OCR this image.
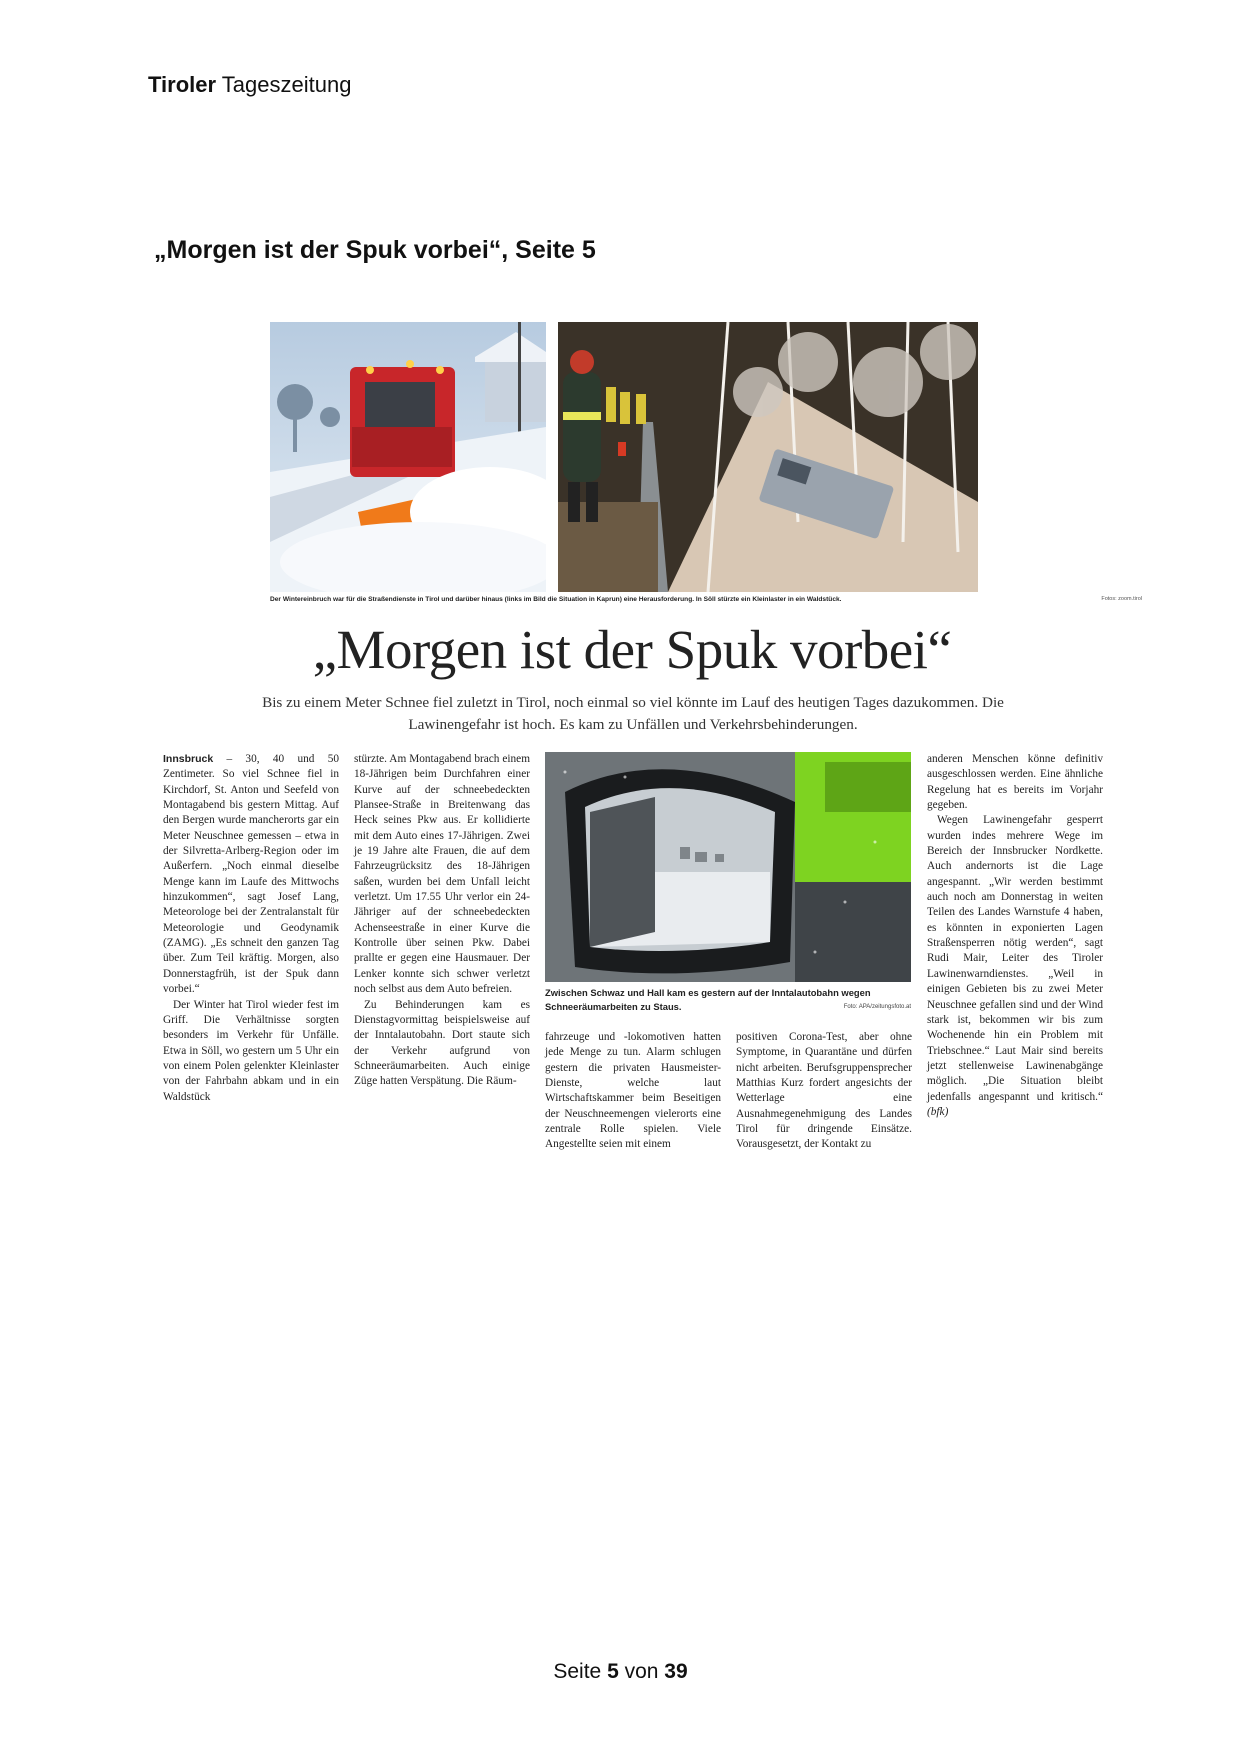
Tiroler Tageszeitung
„Morgen ist der Spuk vorbei“, Seite 5
Der Wintereinbruch war für die Straßendienste in Tirol und darüber hinaus (links im Bild die Situation in Kaprun) eine Herausforderung. In Söll stürzte ein Kleinlaster in ein Waldstück.	Fotos: zoom.tirol
„Morgen ist der Spuk vorbei“
Bis zu einem Meter Schnee fiel zuletzt in Tirol, noch einmal so viel könnte im Lauf des heutigen Tages dazukommen. Die Lawinengefahr ist hoch. Es kam zu Unfällen und Verkehrsbehinderungen.

Innsbruck – 30, 40 und 50 Zentimeter. So viel Schnee fiel in Kirchdorf, St. Anton und Seefeld von Montagabend bis gestern Mittag. Auf den Bergen wurde mancherorts gar ein Meter Neuschnee gemessen – etwa in der Silvretta-Arlberg-Region oder im Außerfern. „Noch einmal dieselbe Menge kann im Laufe des Mittwochs hinzukommen“, sagt Josef Lang, Meteorologe bei der Zentralanstalt für Meteorologie und Geodynamik (ZAMG). „Es schneit den ganzen Tag über. Zum Teil kräftig. Morgen, also Donnerstagfrüh, ist der Spuk dann vorbei.“

Der Winter hat Tirol wieder fest im Griff. Die Verhältnisse sorgten besonders im Verkehr für Unfälle. Etwa in Söll, wo gestern um 5 Uhr ein von einem Polen gelenkter Kleinlaster von der Fahrbahn abkam und in ein Waldstück

stürzte. Am Montagabend brach einem 18-Jährigen beim Durchfahren einer Kurve auf der schneebedeckten Plansee-Straße in Breitenwang das Heck seines Pkw aus. Er kollidierte mit dem Auto eines 17-Jährigen. Zwei je 19 Jahre alte Frauen, die auf dem Fahrzeugrücksitz des 18-Jährigen saßen, wurden bei dem Unfall leicht verletzt. Um 17.55 Uhr verlor ein 24-Jähriger auf der schneebedeckten Achenseestraße in einer Kurve die Kontrolle über seinen Pkw. Dabei prallte er gegen eine Hausmauer. Der Lenker konnte sich schwer verletzt noch selbst aus dem Auto befreien.

Zu Behinderungen kam es Dienstagvormittag beispielsweise auf der Inntalautobahn. Dort staute sich der Verkehr aufgrund von Schneeräumarbeiten. Auch einige Züge hatten Verspätung. Die Räum-

Zwischen Schwaz und Hall kam es gestern auf der Inntalautobahn wegen Schneeräumarbeiten zu Staus.	Foto: APA/zeitungsfoto.at

fahrzeuge und -lokomotiven hatten jede Menge zu tun. Alarm schlugen gestern die privaten Hausmeister-Dienste, welche laut Wirtschaftskammer beim Beseitigen der Neuschneemengen vielerorts eine zentrale Rolle spielen. Viele Angestellte seien mit einem

positiven Corona-Test, aber ohne Symptome, in Quarantäne und dürfen nicht arbeiten. Berufsgruppensprecher Matthias Kurz fordert angesichts der Wetterlage eine Ausnahmegenehmigung des Landes Tirol für dringende Einsätze. Vorausgesetzt, der Kontakt zu

anderen Menschen könne definitiv ausgeschlossen werden. Eine ähnliche Regelung hat es bereits im Vorjahr gegeben.

Wegen Lawinengefahr gesperrt wurden indes mehrere Wege im Bereich der Innsbrucker Nordkette. Auch andernorts ist die Lage angespannt. „Wir werden bestimmt auch noch am Donnerstag in weiten Teilen des Landes Warnstufe 4 haben, es könnten in exponierten Lagen Straßensperren nötig werden“, sagt Rudi Mair, Leiter des Tiroler Lawinenwarndienstes. „Weil in einigen Gebieten bis zu zwei Meter Neuschnee gefallen sind und der Wind stark ist, bekommen wir bis zum Wochenende hin ein Problem mit Triebschnee.“ Laut Mair sind bereits jetzt stellenweise Lawinenabgänge möglich. „Die Situation bleibt jedenfalls angespannt und kritisch.“ (bfk)

Seite 5 von 39
